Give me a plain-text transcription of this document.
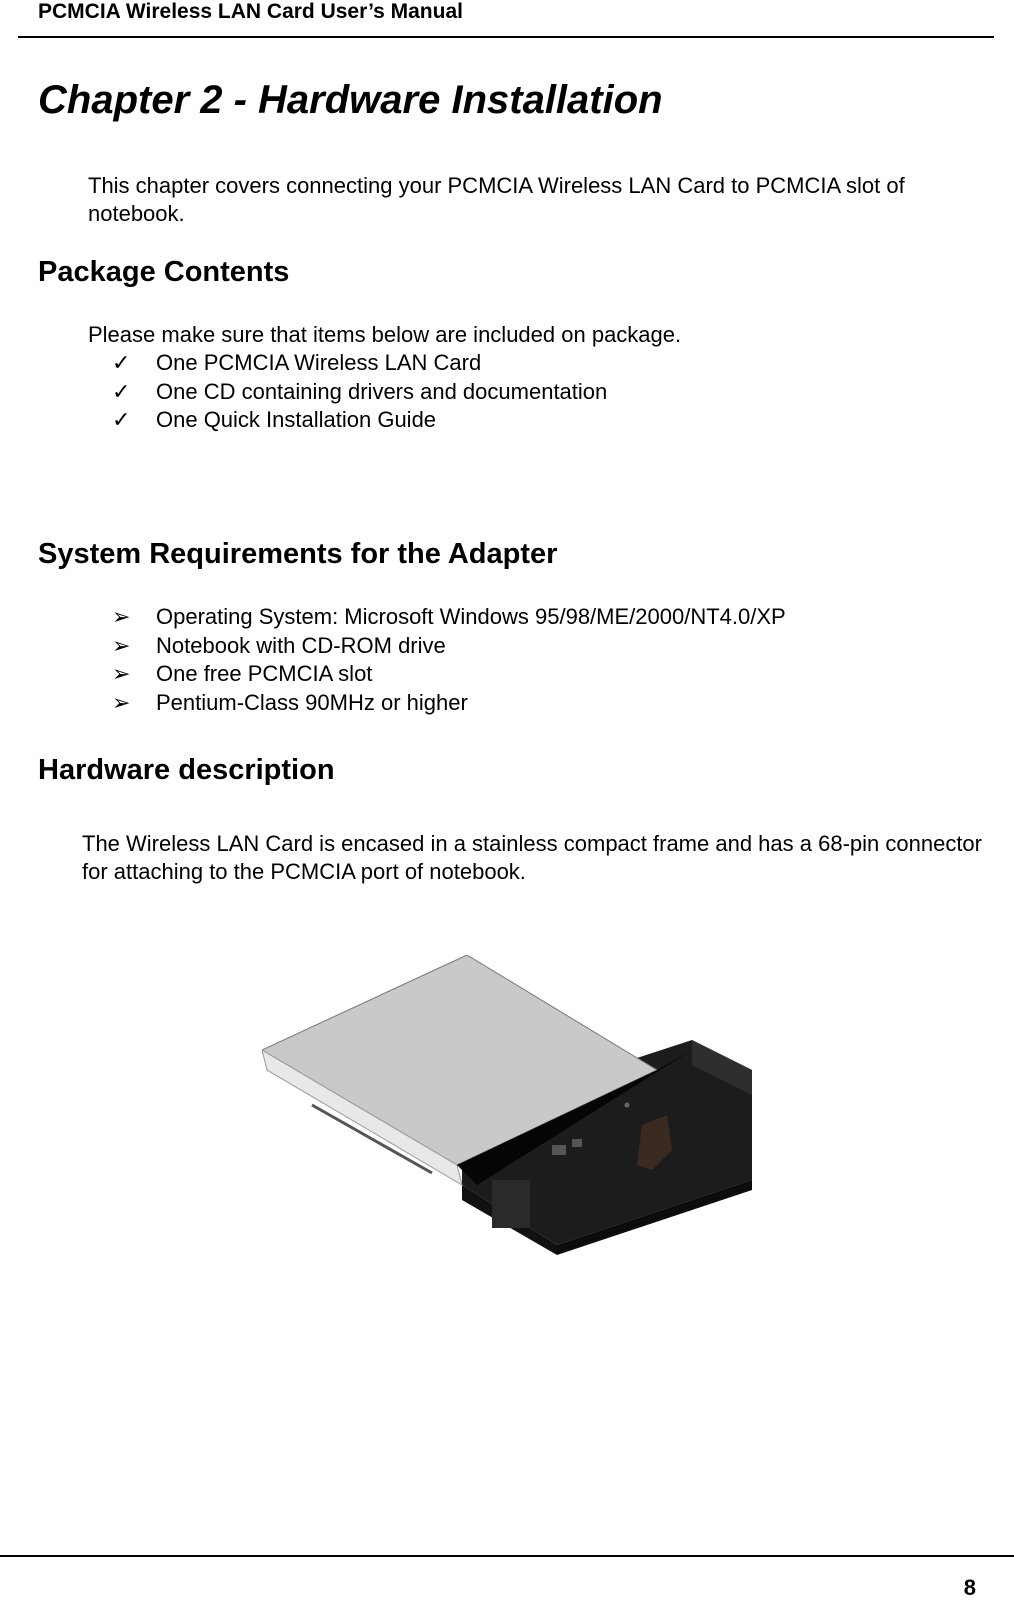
PCMCIA Wireless LAN Card User’s Manual
Chapter 2 - Hardware Installation
This chapter covers connecting your PCMCIA Wireless LAN Card to PCMCIA slot of notebook.
Package Contents
Please make sure that items below are included on package.
✓ One PCMCIA Wireless LAN Card
✓ One CD containing drivers and documentation
✓ One Quick Installation Guide
System Requirements for the Adapter
➢ Operating System: Microsoft Windows 95/98/ME/2000/NT4.0/XP
➢ Notebook with CD-ROM drive
➢ One free PCMCIA slot
➢ Pentium-Class 90MHz or higher
Hardware description
The Wireless LAN Card is encased in a stainless compact frame and has a 68-pin connector for attaching to the PCMCIA port of notebook.
8
